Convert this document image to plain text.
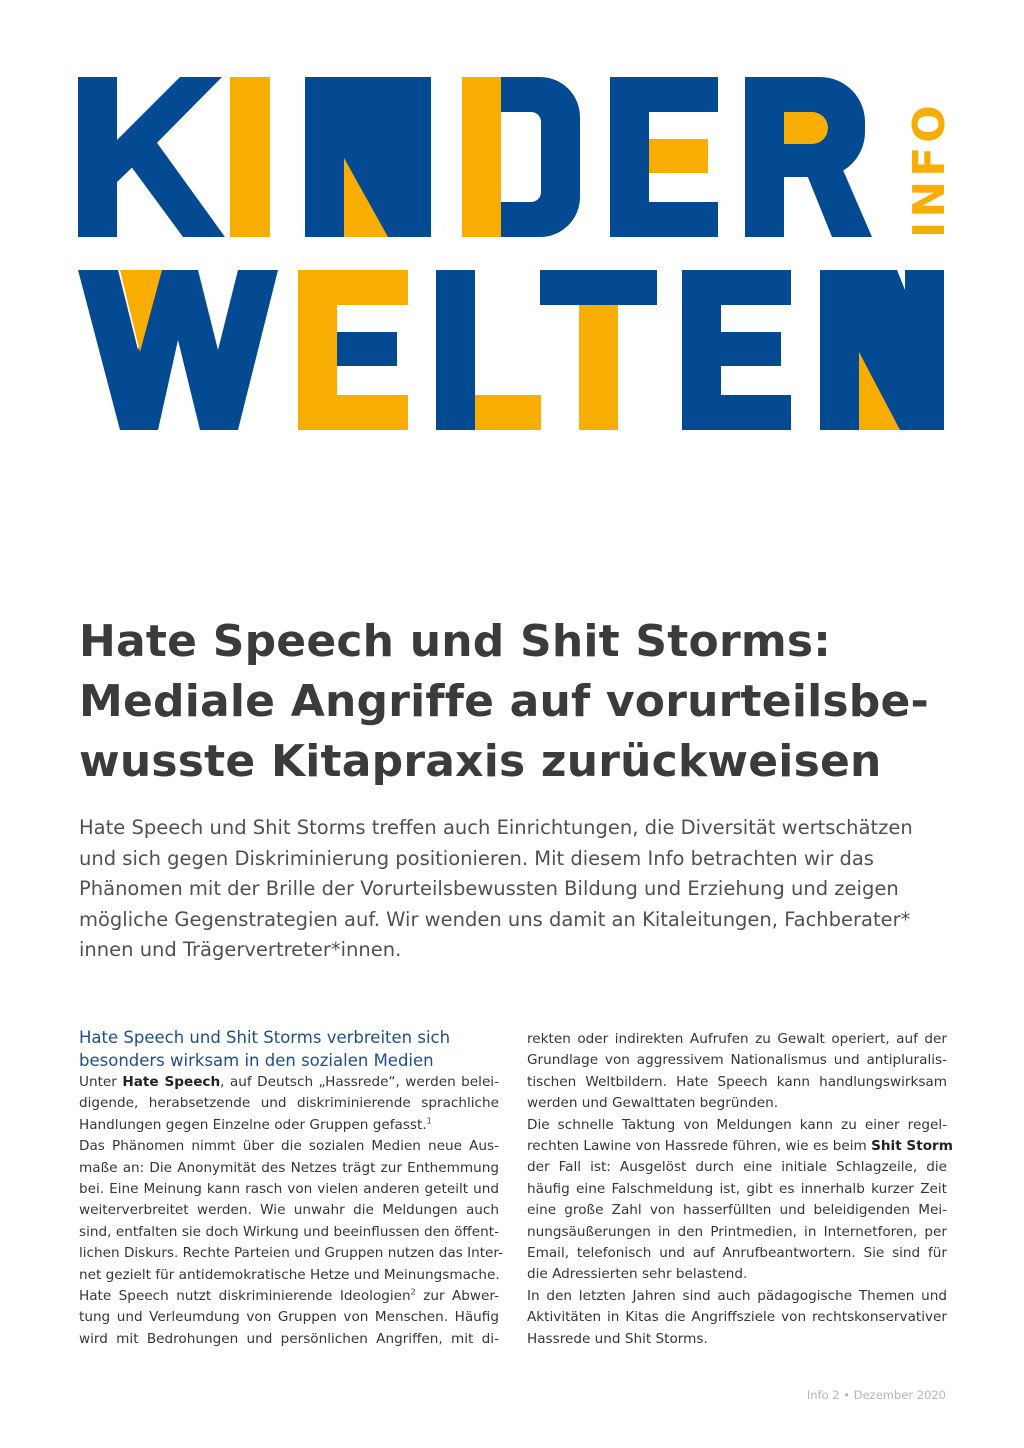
INFO
Hate Speech und Shit Storms:
Mediale Angriffe auf vorurteilsbe-
wusste Kitapraxis zurückweisen

Hate Speech und Shit Storms treffen auch Einrichtungen, die Diversität wertschätzen
und sich gegen Diskriminierung positionieren. Mit diesem Info betrachten wir das
Phänomen mit der Brille der Vorurteilsbewussten Bildung und Erziehung und zeigen
mögliche Gegenstrategien auf. Wir wenden uns damit an Kitaleitungen, Fachberater*
innen und Trägervertreter*innen.

Hate Speech und Shit Storms verbreiten sich
besonders wirksam in den sozialen Medien
Unter Hate Speech, auf Deutsch „Hassrede“, werden belei-
digende, herabsetzende und diskriminierende sprachliche
Handlungen gegen Einzelne oder Gruppen gefasst.$^1$
Das Phänomen nimmt über die sozialen Medien neue Aus-
maße an: Die Anonymität des Netzes trägt zur Enthemmung
bei. Eine Meinung kann rasch von vielen anderen geteilt und
weiterverbreitet werden. Wie unwahr die Meldungen auch
sind, entfalten sie doch Wirkung und beeinflussen den öffent-
lichen Diskurs. Rechte Parteien und Gruppen nutzen das Inter-
net gezielt für antidemokratische Hetze und Meinungsmache.
Hate Speech nutzt diskriminierende Ideologien$^2$ zur Abwer-
tung und Verleumdung von Gruppen von Menschen. Häufig
wird mit Bedrohungen und persönlichen Angriffen, mit di-
rekten oder indirekten Aufrufen zu Gewalt operiert, auf der
Grundlage von aggressivem Nationalismus und antipluralis-
tischen Weltbildern. Hate Speech kann handlungswirksam
werden und Gewalttaten begründen.
Die schnelle Taktung von Meldungen kann zu einer regel-
rechten Lawine von Hassrede führen, wie es beim Shit Storm
der Fall ist: Ausgelöst durch eine initiale Schlagzeile, die
häufig eine Falschmeldung ist, gibt es innerhalb kurzer Zeit
eine große Zahl von hasserfüllten und beleidigenden Mei-
nungsäußerungen in den Printmedien, in Internetforen, per
Email, telefonisch und auf Anrufbeantwortern. Sie sind für
die Adressierten sehr belastend.
In den letzten Jahren sind auch pädagogische Themen und
Aktivitäten in Kitas die Angriffsziele von rechtskonservativer
Hassrede und Shit Storms.
Info 2 • Dezember 2020
